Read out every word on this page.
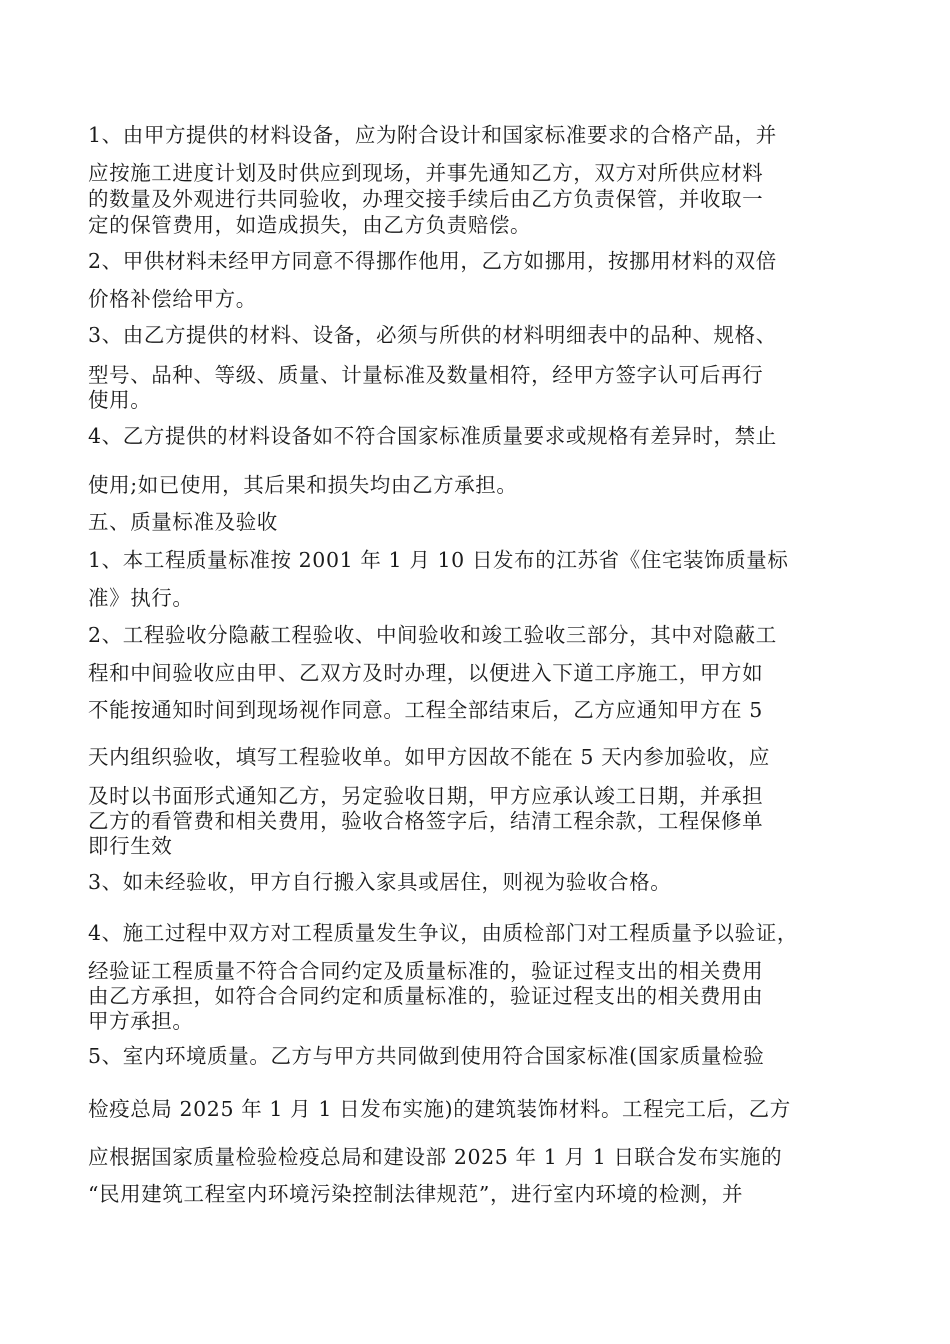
1、由甲方提供的材料设备，应为附合设计和国家标准要求的合格产品，并
应按施工进度计划及时供应到现场，并事先通知乙方，双方对所供应材料
的数量及外观进行共同验收，办理交接手续后由乙方负责保管，并收取一
定的保管费用，如造成损失，由乙方负责赔偿。
2、甲供材料未经甲方同意不得挪作他用，乙方如挪用，按挪用材料的双倍
价格补偿给甲方。
3、由乙方提供的材料、设备，必须与所供的材料明细表中的品种、规格、
型号、品种、等级、质量、计量标准及数量相符，经甲方签字认可后再行
使用。
4、乙方提供的材料设备如不符合国家标准质量要求或规格有差异时，禁止
使用;如已使用，其后果和损失均由乙方承担。
五、质量标准及验收
1、本工程质量标准按 2001 年 1 月 10 日发布的江苏省《住宅装饰质量标
准》执行。
2、工程验收分隐蔽工程验收、中间验收和竣工验收三部分，其中对隐蔽工
程和中间验收应由甲、乙双方及时办理，以便进入下道工序施工，甲方如
不能按通知时间到现场视作同意。工程全部结束后，乙方应通知甲方在 5
天内组织验收，填写工程验收单。如甲方因故不能在 5 天内参加验收，应
及时以书面形式通知乙方，另定验收日期，甲方应承认竣工日期，并承担
乙方的看管费和相关费用，验收合格签字后，结清工程余款，工程保修单
即行生效
3、如未经验收，甲方自行搬入家具或居住，则视为验收合格。
4、施工过程中双方对工程质量发生争议，由质检部门对工程质量予以验证，
经验证工程质量不符合合同约定及质量标准的，验证过程支出的相关费用
由乙方承担，如符合合同约定和质量标准的，验证过程支出的相关费用由
甲方承担。
5、室内环境质量。乙方与甲方共同做到使用符合国家标准(国家质量检验
检疫总局 2025 年 1 月 1 日发布实施)的建筑装饰材料。工程完工后，乙方
应根据国家质量检验检疫总局和建设部 2025 年 1 月 1 日联合发布实施的
“民用建筑工程室内环境污染控制法律规范”，进行室内环境的检测，并
